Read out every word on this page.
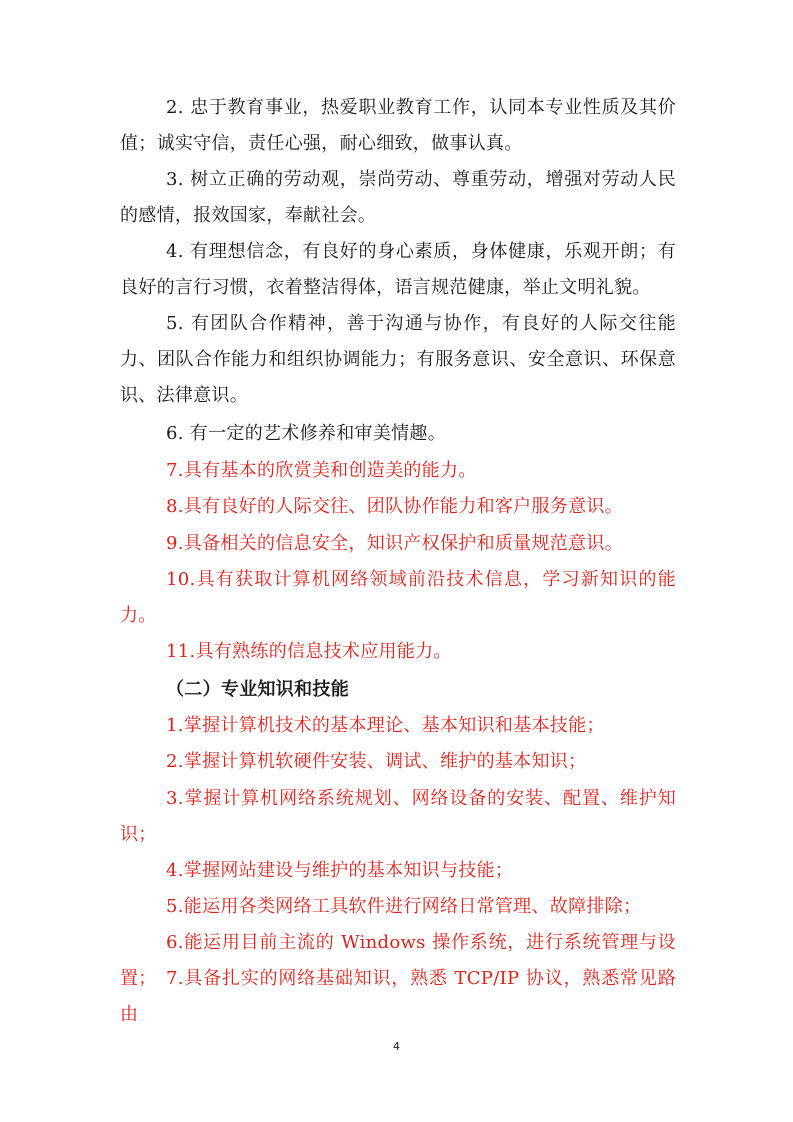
2. 忠于教育事业，热爱职业教育工作，认同本专业性质及其价值；诚实守信，责任心强，耐心细致，做事认真。

3. 树立正确的劳动观，崇尚劳动、尊重劳动，增强对劳动人民的感情，报效国家，奉献社会。

4. 有理想信念，有良好的身心素质，身体健康，乐观开朗；有良好的言行习惯，衣着整洁得体，语言规范健康，举止文明礼貌。

5. 有团队合作精神，善于沟通与协作，有良好的人际交往能力、团队合作能力和组织协调能力；有服务意识、安全意识、环保意识、法律意识。

6. 有一定的艺术修养和审美情趣。

7.具有基本的欣赏美和创造美的能力。

8.具有良好的人际交往、团队协作能力和客户服务意识。

9.具备相关的信息安全，知识产权保护和质量规范意识。

10.具有获取计算机网络领域前沿技术信息，学习新知识的能力。

11.具有熟练的信息技术应用能力。

（二）专业知识和技能

1.掌握计算机技术的基本理论、基本知识和基本技能；

2.掌握计算机软硬件安装、调试、维护的基本知识；

3.掌握计算机网络系统规划、网络设备的安装、配置、维护知识；

4.掌握网站建设与维护的基本知识与技能；

5.能运用各类网络工具软件进行网络日常管理、故障排除；

6.能运用目前主流的 Windows 操作系统，进行系统管理与设置； 7.具备扎实的网络基础知识，熟悉 TCP/IP 协议，熟悉常见路由

4
